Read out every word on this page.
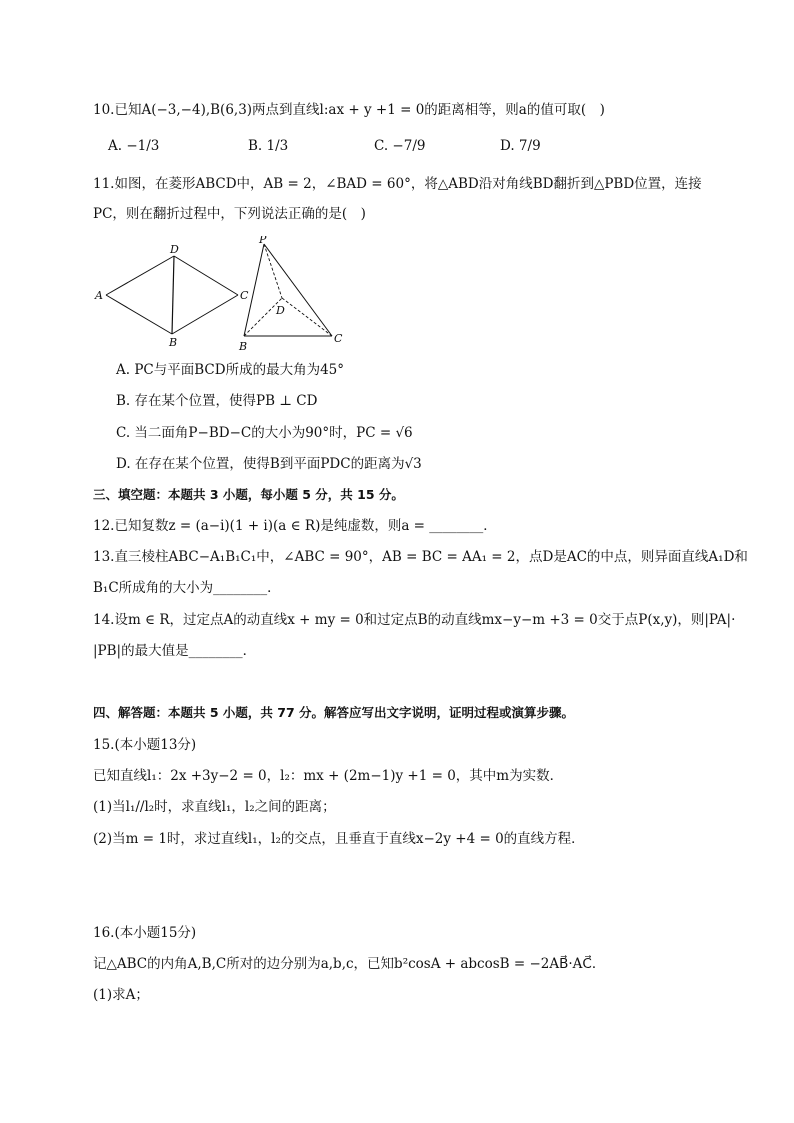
10.已知A(−3,−4),B(6,3)两点到直线l:ax + y +1 = 0的距离相等，则a的值可取(　)
A. −1/3	B. 1/3	C. −7/9	D. 7/9
11.如图，在菱形ABCD中，AB = 2，∠BAD = 60°，将△ABD沿对角线BD翻折到△PBD位置，连接
PC，则在翻折过程中，下列说法正确的是(　)
A
D
C
B
P
D
B
C
A. PC与平面BCD所成的最大角为45°
B. 存在某个位置，使得PB ⊥ CD
C. 当二面角P−BD−C的大小为90°时，PC = √6
D. 在存在某个位置，使得B到平面PDC的距离为√3
三、填空题：本题共 3 小题，每小题 5 分，共 15 分。
12.已知复数z = (a−i)(1 + i)(a ∈ R)是纯虚数，则a = ________．
13.直三棱柱ABC−A₁B₁C₁中，∠ABC = 90°，AB = BC = AA₁ = 2，点D是AC的中点，则异面直线A₁D和
B₁C所成角的大小为________．
14.设m ∈ R，过定点A的动直线x + my = 0和过定点B的动直线mx−y−m +3 = 0交于点P(x,y)，则|PA|·
|PB|的最大值是________．
四、解答题：本题共 5 小题，共 77 分。解答应写出文字说明，证明过程或演算步骤。
15.(本小题13分)
已知直线l₁：2x +3y−2 = 0，l₂：mx + (2m−1)y +1 = 0，其中m为实数．
(1)当l₁//l₂时，求直线l₁，l₂之间的距离；
(2)当m = 1时，求过直线l₁，l₂的交点，且垂直于直线x−2y +4 = 0的直线方程．
16.(本小题15分)
记△ABC的内角A,B,C所对的边分别为a,b,c，已知b²cosA + abcosB = −2AB⃗·AC⃗．
(1)求A；
